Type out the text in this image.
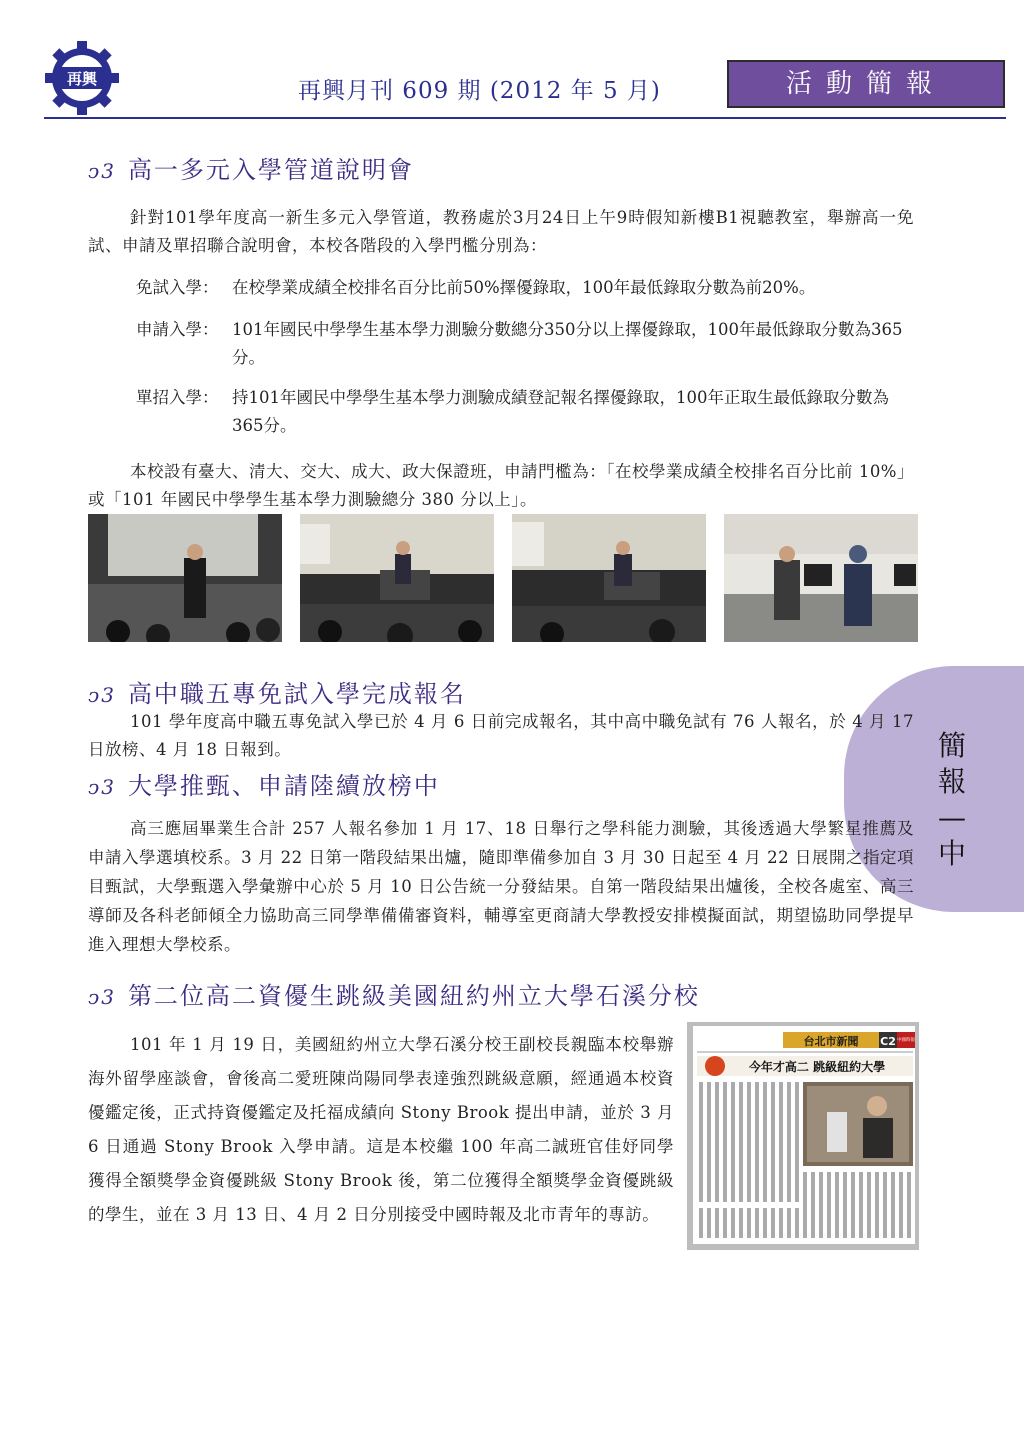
再興	再興月刊 609 期 (2012 年 5 月)	活動簡報
ↄ3 高一多元入學管道說明會
針對101學年度高一新生多元入學管道，教務處於3月24日上午9時假知新樓B1視聽教室，舉辦高一免試、申請及單招聯合說明會，本校各階段的入學門檻分別為：
免試入學： 在校學業成績全校排名百分比前50%擇優錄取，100年最低錄取分數為前20%。
申請入學： 101年國民中學學生基本學力測驗分數總分350分以上擇優錄取，100年最低錄取分數為365分。
單招入學： 持101年國民中學學生基本學力測驗成績登記報名擇優錄取，100年正取生最低錄取分數為365分。
本校設有臺大、清大、交大、成大、政大保證班，申請門檻為：「在校學業成績全校排名百分比前 10%」或「101 年國民中學學生基本學力測驗總分 380 分以上」。
簡報—中
ↄ3 高中職五專免試入學完成報名
101 學年度高中職五專免試入學已於 4 月 6 日前完成報名，其中高中職免試有 76 人報名，於 4 月 17 日放榜、4 月 18 日報到。
ↄ3 大學推甄、申請陸續放榜中
高三應屆畢業生合計 257 人報名參加 1 月 17、18 日舉行之學科能力測驗，其後透過大學繁星推薦及申請入學選填校系。3 月 22 日第一階段結果出爐，隨即準備參加自 3 月 30 日起至 4 月 22 日展開之指定項目甄試，大學甄選入學彙辦中心於 5 月 10 日公告統一分發結果。自第一階段結果出爐後，全校各處室、高三導師及各科老師傾全力協助高三同學準備備審資料，輔導室更商請大學教授安排模擬面試，期望協助同學提早進入理想大學校系。
ↄ3 第二位高二資優生跳級美國紐約州立大學石溪分校
101 年 1 月 19 日，美國紐約州立大學石溪分校王副校長親臨本校舉辦海外留學座談會，會後高二愛班陳尚陽同學表達強烈跳級意願，經通過本校資優鑑定後，正式持資優鑑定及托福成績向 Stony Brook 提出申請，並於 3 月 6 日通過 Stony Brook 入學申請。這是本校繼 100 年高二誠班官佳妤同學獲得全額獎學金資優跳級 Stony Brook 後，第二位獲得全額獎學金資優跳級的學生，並在 3 月 13 日、4 月 2 日分別接受中國時報及北市青年的專訪。
台北市新聞 C2 中國時報
今年才高二 跳級紐約大學
